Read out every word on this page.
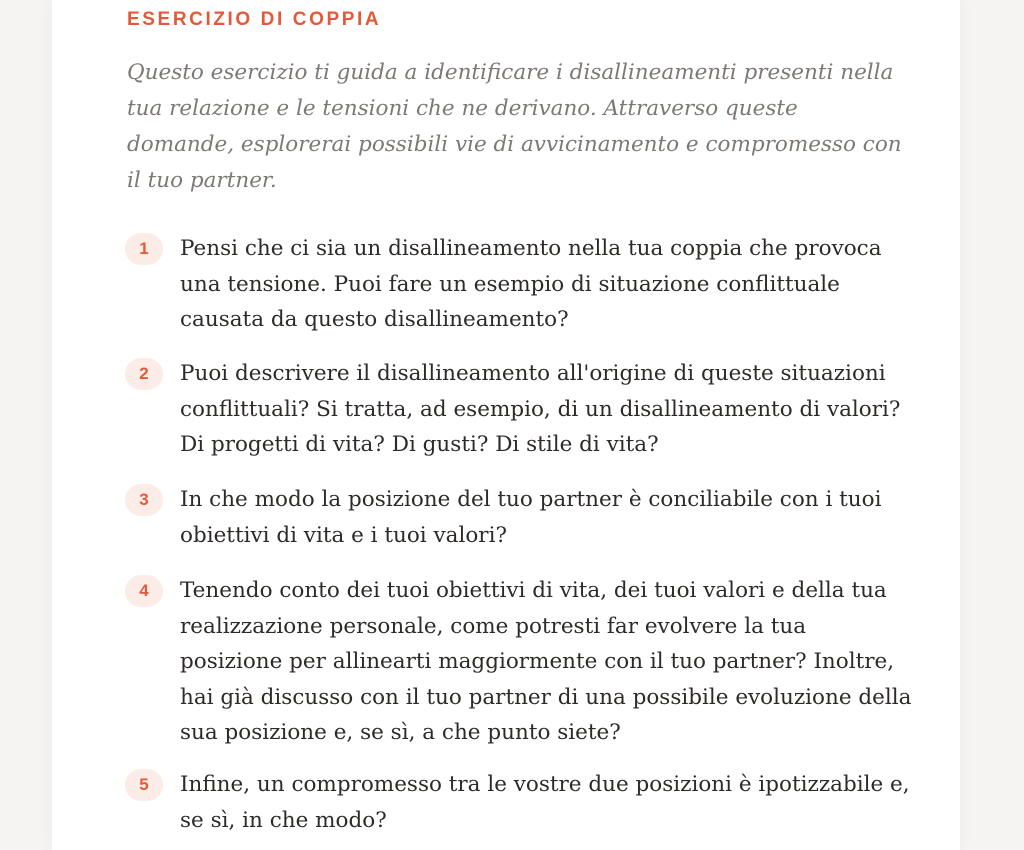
ESERCIZIO DI COPPIA
Questo esercizio ti guida a identificare i disallineamenti presenti nella tua relazione e le tensioni che ne derivano. Attraverso queste domande, esplorerai possibili vie di avvicinamento e compromesso con il tuo partner.
1	Pensi che ci sia un disallineamento nella tua coppia che provoca una tensione. Puoi fare un esempio di situazione conflittuale causata da questo disallineamento?
2	Puoi descrivere il disallineamento all'origine di queste situazioni conflittuali? Si tratta, ad esempio, di un disallineamento di valori? Di progetti di vita? Di gusti? Di stile di vita?
3	In che modo la posizione del tuo partner è conciliabile con i tuoi obiettivi di vita e i tuoi valori?
4	Tenendo conto dei tuoi obiettivi di vita, dei tuoi valori e della tua realizzazione personale, come potresti far evolvere la tua posizione per allinearti maggiormente con il tuo partner? Inoltre, hai già discusso con il tuo partner di una possibile evoluzione della sua posizione e, se sì, a che punto siete?
5	Infine, un compromesso tra le vostre due posizioni è ipotizzabile e, se sì, in che modo?
